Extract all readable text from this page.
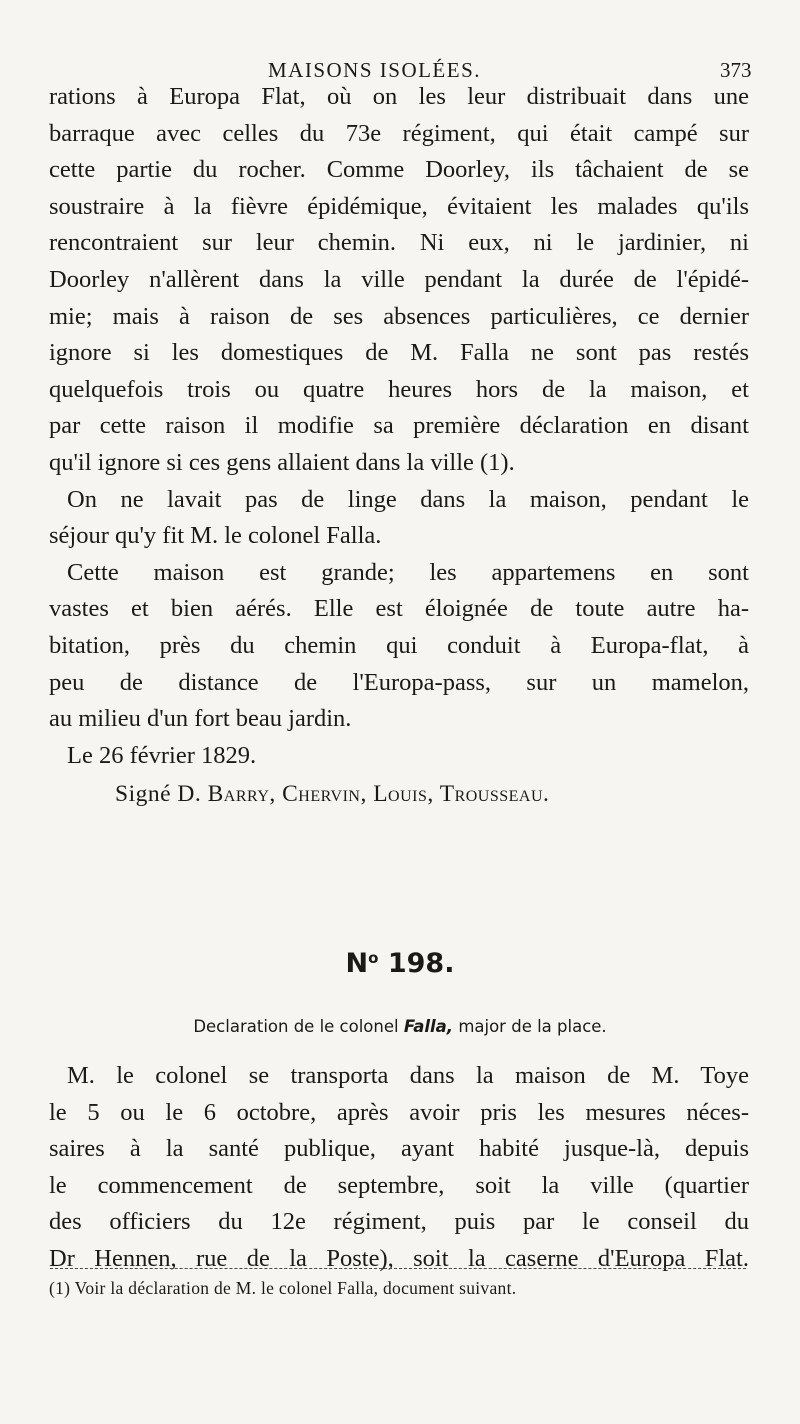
MAISONS ISOLÉES.	373
rations à Europa Flat, où on les leur distribuait dans une
barraque avec celles du 73e régiment, qui était campé sur
cette partie du rocher. Comme Doorley, ils tâchaient de se
soustraire à la fièvre épidémique, évitaient les malades qu'ils
rencontraient sur leur chemin. Ni eux, ni le jardinier, ni
Doorley n'allèrent dans la ville pendant la durée de l'épidé-
mie; mais à raison de ses absences particulières, ce dernier
ignore si les domestiques de M. Falla ne sont pas restés
quelquefois trois ou quatre heures hors de la maison, et
par cette raison il modifie sa première déclaration en disant
qu'il ignore si ces gens allaient dans la ville (1).
On ne lavait pas de linge dans la maison, pendant le
séjour qu'y fit M. le colonel Falla.
Cette maison est grande; les appartemens en sont
vastes et bien aérés. Elle est éloignée de toute autre ha-
bitation, près du chemin qui conduit à Europa-flat, à
peu de distance de l'Europa-pass, sur un mamelon,
au milieu d'un fort beau jardin.
Le 26 février 1829.
Signé D. Barry, Chervin, Louis, Trousseau.
$N^o$ 198.
Declaration de le colonel Falla, major de la place.
M. le colonel se transporta dans la maison de M. Toye
le 5 ou le 6 octobre, après avoir pris les mesures néces-
saires à la santé publique, ayant habité jusque-là, depuis
le commencement de septembre, soit la ville (quartier
des officiers du 12e régiment, puis par le conseil du
Dr Hennen, rue de la Poste), soit la caserne d'Europa Flat.
(1) Voir la déclaration de M. le colonel Falla, document suivant.
